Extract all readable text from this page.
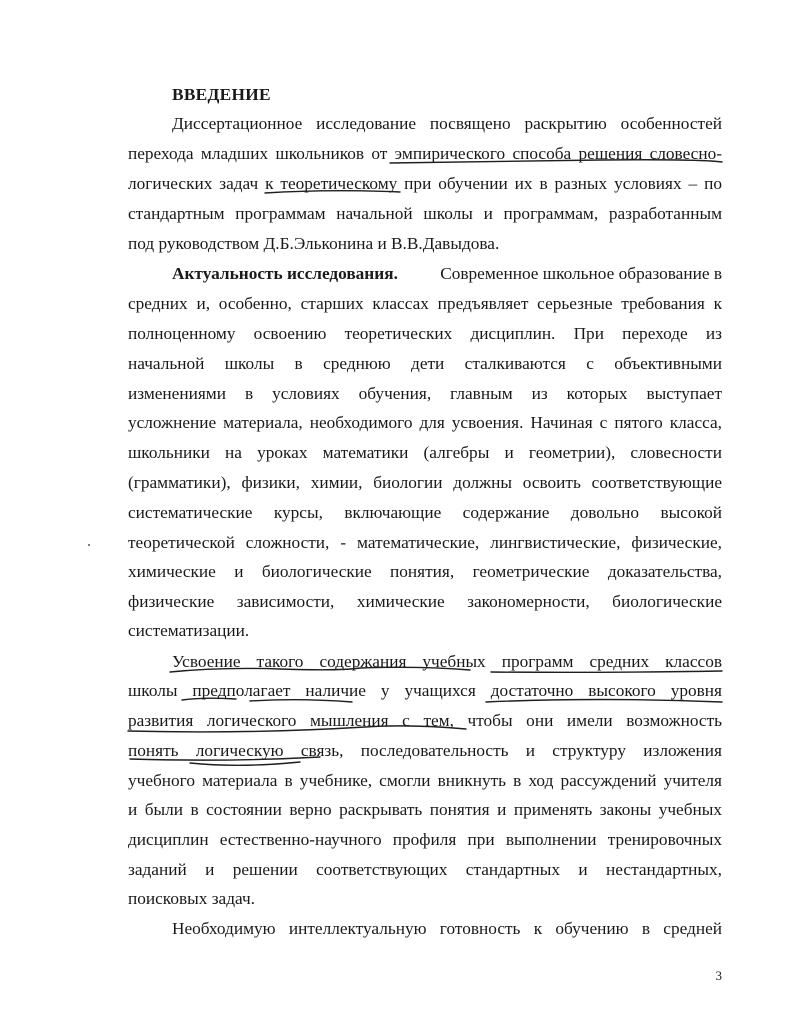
ВВЕДЕНИЕ
Диссертационное исследование посвящено раскрытию особенностей
перехода младших школьников от эмпирического способа решения словесно-
логических задач к теоретическому при обучении их в разных условиях – по
стандартным программам начальной школы и программам, разработанным
под руководством Д.Б.Эльконина и В.В.Давыдова.
Актуальность исследования. Современное школьное образование в
средних и, особенно, старших классах предъявляет серьезные требования к
полноценному освоению теоретических дисциплин. При переходе из
начальной школы в среднюю дети сталкиваются с объективными
изменениями в условиях обучения, главным из которых выступает
усложнение материала, необходимого для усвоения. Начиная с пятого класса,
школьники на уроках математики (алгебры и геометрии), словесности
(грамматики), физики, химии, биологии должны освоить соответствующие
систематические курсы, включающие содержание довольно высокой
теоретической сложности, - математические, лингвистические, физические,
химические и биологические понятия, геометрические доказательства,
физические зависимости, химические закономерности, биологические
систематизации.
Усвоение такого содержания учебных программ средних классов
школы предполагает наличие у учащихся достаточно высокого уровня
развития логического мышления с тем, чтобы они имели возможность
понять логическую связь, последовательность и структуру изложения
учебного материала в учебнике, смогли вникнуть в ход рассуждений учителя
и были в состоянии верно раскрывать понятия и применять законы учебных
дисциплин естественно-научного профиля при выполнении тренировочных
заданий и решении соответствующих стандартных и нестандартных,
поисковых задач.
Необходимую интеллектуальную готовность к обучению в средней
3
